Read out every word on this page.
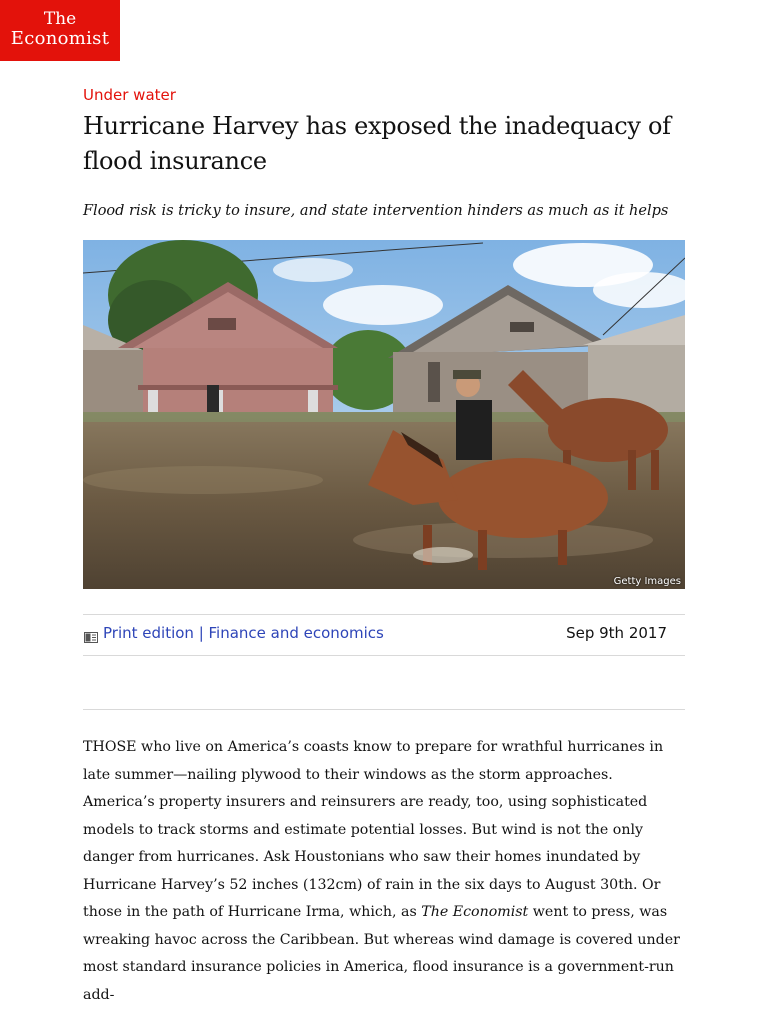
The
Economist
Under water
Hurricane Harvey has exposed the inadequacy of flood insurance
Flood risk is tricky to insure, and state intervention hinders as much as it helps
Getty Images
Print edition | Finance and economics	Sep 9th 2017

THOSE who live on America’s coasts know to prepare for wrathful hurricanes in late summer—nailing plywood to their windows as the storm approaches. America’s property insurers and reinsurers are ready, too, using sophisticated models to track storms and estimate potential losses. But wind is not the only danger from hurricanes. Ask Houstonians who saw their homes inundated by Hurricane Harvey’s 52 inches (132cm) of rain in the six days to August 30th. Or those in the path of Hurricane Irma, which, as The Economist went to press, was wreaking havoc across the Caribbean. But whereas wind damage is covered under most standard insurance policies in America, flood insurance is a government-run add-
